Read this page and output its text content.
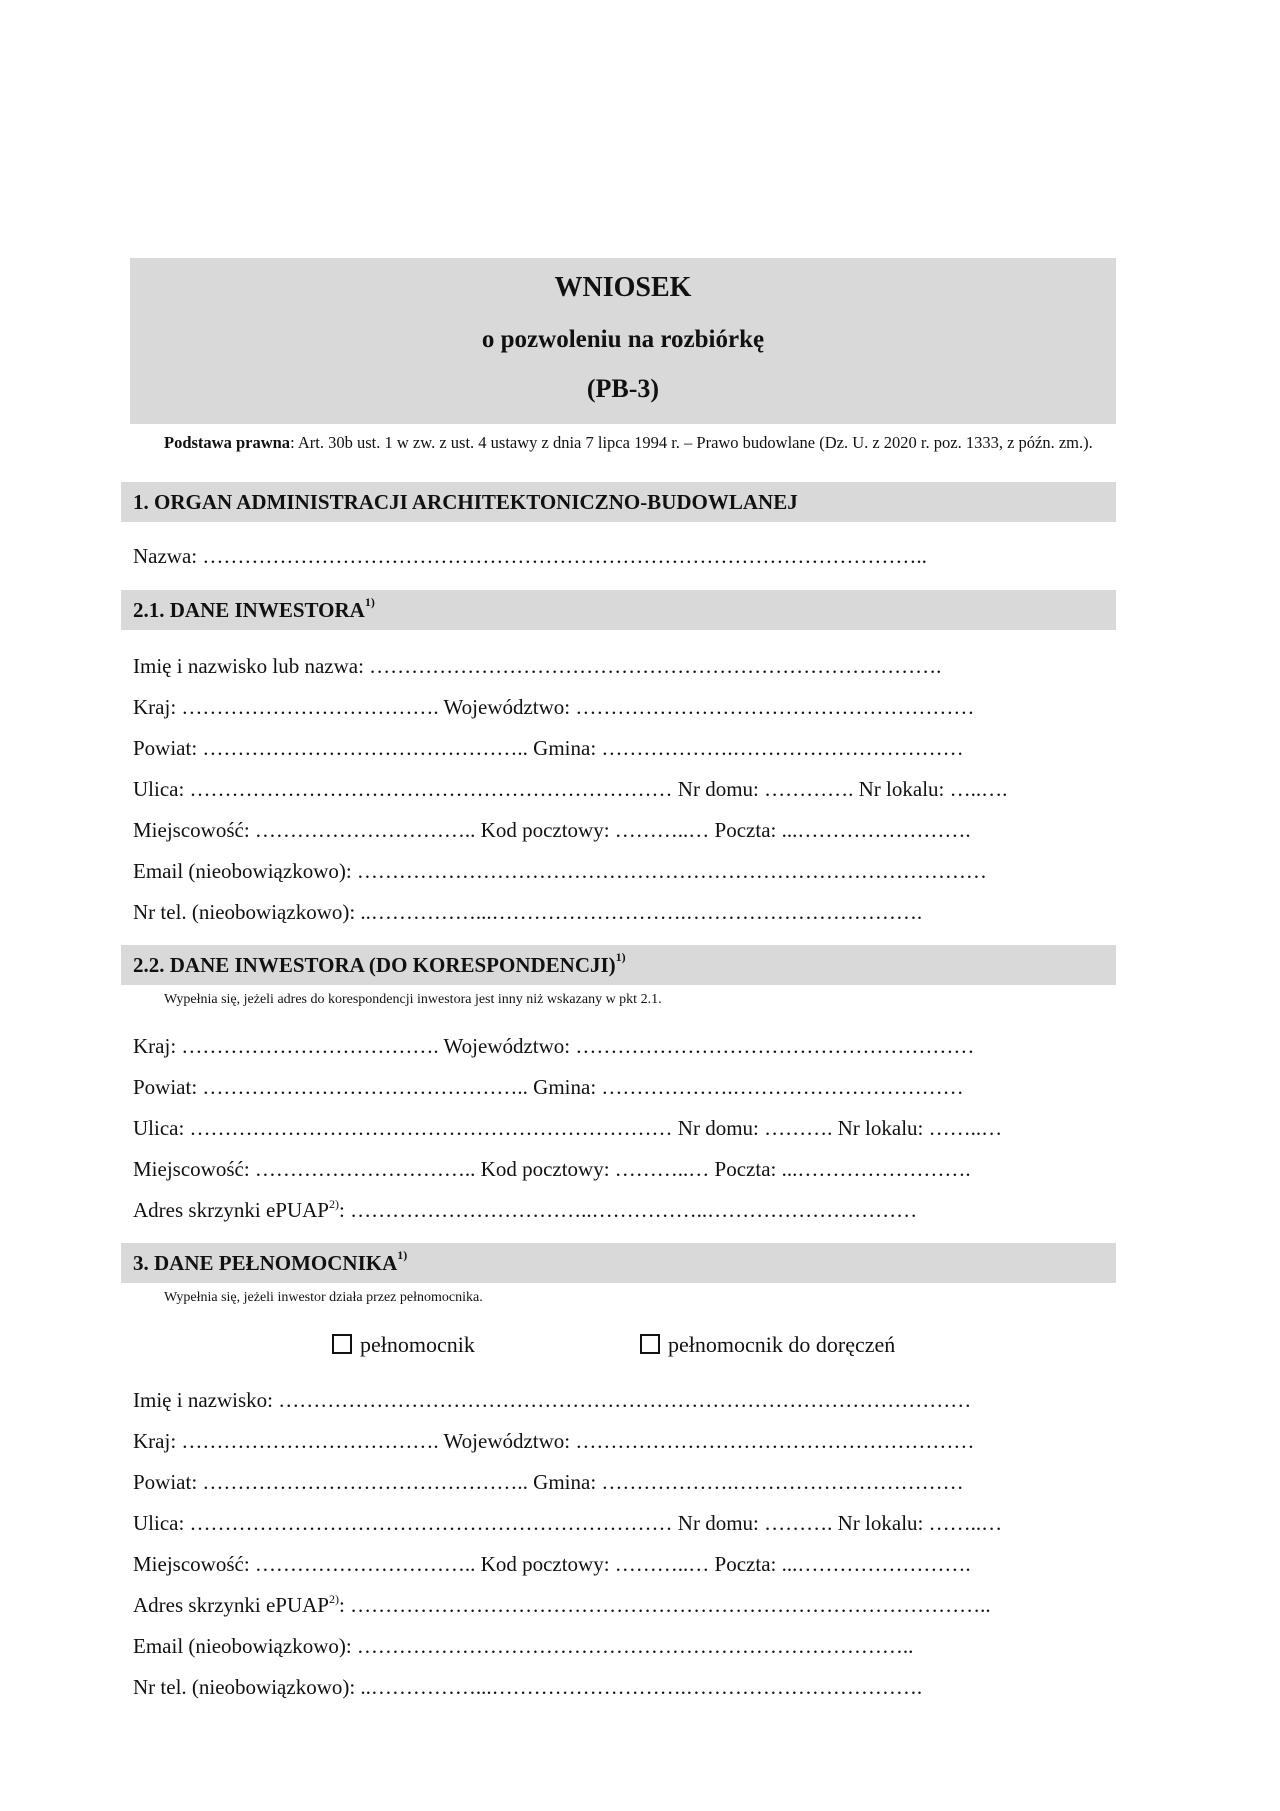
WNIOSEK
o pozwoleniu na rozbiórkę
(PB-3)
Podstawa prawna: Art. 30b ust. 1 w zw. z ust. 4 ustawy z dnia 7 lipca 1994 r. – Prawo budowlane (Dz. U. z 2020 r. poz. 1333, z późn. zm.).
1. ORGAN ADMINISTRACJI ARCHITEKTONICZNO-BUDOWLANEJ
Nazwa: …………………………………………………………………………………………..
2.1. DANE INWESTORA$^{1)}$
Imię i nazwisko lub nazwa: ……………………………………………………………………….
Kraj: ………………………………. Województwo: …………………………………………………
Powiat: ……………………………………….. Gmina: ……………….……………………………
Ulica: …………………………………………………………… Nr domu: …………. Nr lokalu: …..….
Miejscowość: ………………………….. Kod pocztowy: ………..… Poczta: ...…………………….
Email (nieobowiązkowo): ………………………………………………………………………………
Nr tel. (nieobowiązkowo): ..……………...……………………….…………………………….
2.2. DANE INWESTORA (DO KORESPONDENCJI)$^{1)}$
Wypełnia się, jeżeli adres do korespondencji inwestora jest inny niż wskazany w pkt 2.1.
Kraj: ………………………………. Województwo: …………………………………………………
Powiat: ……………………………………….. Gmina: ……………….……………………………
Ulica: …………………………………………………………… Nr domu: ………. Nr lokalu: ……..…
Miejscowość: ………………………….. Kod pocztowy: ………..… Poczta: ...…………………….
Adres skrzynki ePUAP$^{2)}$: ……………………………..……………..…………………………
3. DANE PEŁNOMOCNIKA$^{1)}$
Wypełnia się, jeżeli inwestor działa przez pełnomocnika.
pełnomocnik	pełnomocnik do doręczeń
Imię i nazwisko: ………………………………………………………………………………………
Kraj: ………………………………. Województwo: …………………………………………………
Powiat: ……………………………………….. Gmina: ……………….……………………………
Ulica: …………………………………………………………… Nr domu: ………. Nr lokalu: ……..…
Miejscowość: ………………………….. Kod pocztowy: ………..… Poczta: ...…………………….
Adres skrzynki ePUAP$^{2)}$: ………………………………………………………………………………..
Email (nieobowiązkowo): ……………………………………………………………………..
Nr tel. (nieobowiązkowo): ..……………...……………………….…………………………….
